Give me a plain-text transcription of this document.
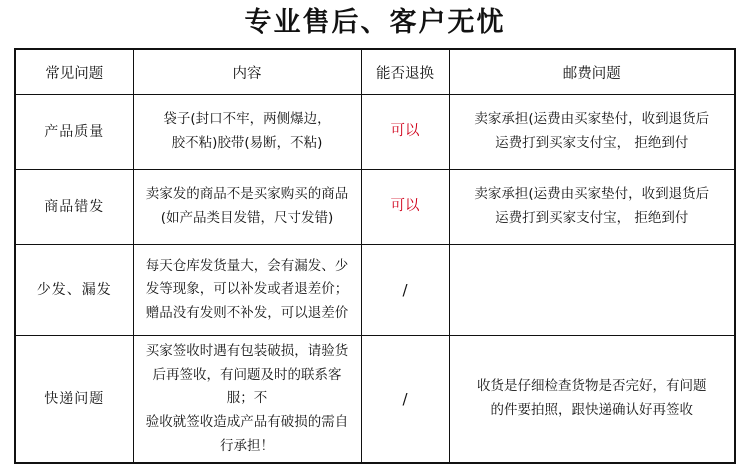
专业售后、客户无忧
常见问题	内容	能否退换	邮费问题
产品质量	袋子(封口不牢，两侧爆边，
胶不粘)胶带(易断，不粘)	可以	卖家承担(运费由买家垫付，收到退货后
运费打到买家支付宝， 拒绝到付

商品错发	卖家发的商品不是买家购买的商品
(如产品类目发错，尺寸发错)	可以	卖家承担(运费由买家垫付，收到退货后
运费打到买家支付宝， 拒绝到付

少发、漏发	每天仓库发货量大，会有漏发、少
发等现象，可以补发或者退差价；
赠品没有发则不补发，可以退差价	/	

快递问题	买家签收时遇有包装破损，请验货
后再签收，有问题及时的联系客服；不
验收就签收造成产品有破损的需自
行承担！	/	收货是仔细检查货物是否完好，有问题
的件要拍照，跟快递确认好再签收
